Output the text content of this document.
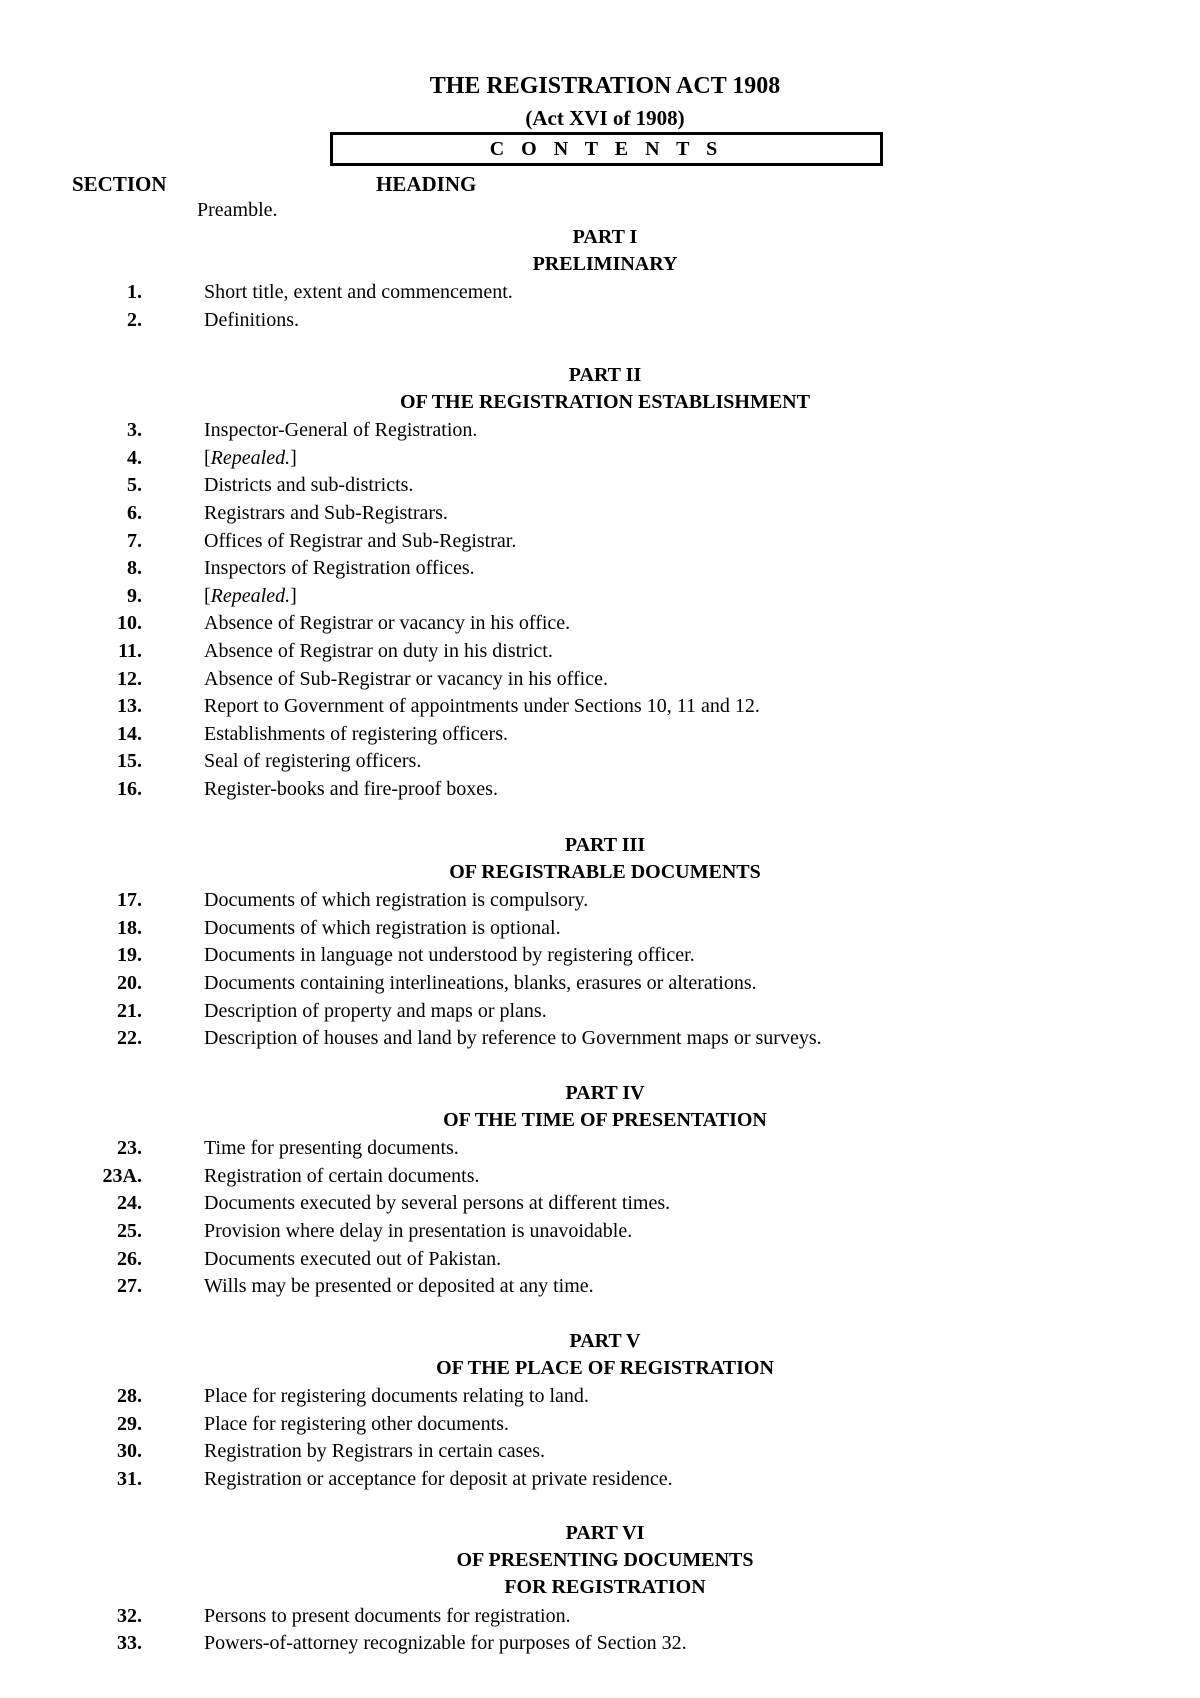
THE REGISTRATION ACT 1908
(Act XVI of 1908)
C O N T E N T S
SECTION	HEADING
Preamble.
PART I
PRELIMINARY
1.	Short title, extent and commencement.
2.	Definitions.
PART II
OF THE REGISTRATION ESTABLISHMENT
3.	Inspector-General of Registration.
4.	[Repealed.]
5.	Districts and sub-districts.
6.	Registrars and Sub-Registrars.
7.	Offices of Registrar and Sub-Registrar.
8.	Inspectors of Registration offices.
9.	[Repealed.]
10.	Absence of Registrar or vacancy in his office.
11.	Absence of Registrar on duty in his district.
12.	Absence of Sub-Registrar or vacancy in his office.
13.	Report to Government of appointments under Sections 10, 11 and 12.
14.	Establishments of registering officers.
15.	Seal of registering officers.
16.	Register-books and fire-proof boxes.
PART III
OF REGISTRABLE DOCUMENTS
17.	Documents of which registration is compulsory.
18.	Documents of which registration is optional.
19.	Documents in language not understood by registering officer.
20.	Documents containing interlineations, blanks, erasures or alterations.
21.	Description of property and maps or plans.
22.	Description of houses and land by reference to Government maps or surveys.
PART IV
OF THE TIME OF PRESENTATION
23.	Time for presenting documents.
23A.	Registration of certain documents.
24.	Documents executed by several persons at different times.
25.	Provision where delay in presentation is unavoidable.
26.	Documents executed out of Pakistan.
27.	Wills may be presented or deposited at any time.
PART V
OF THE PLACE OF REGISTRATION
28.	Place for registering documents relating to land.
29.	Place for registering other documents.
30.	Registration by Registrars in certain cases.
31.	Registration or acceptance for deposit at private residence.
PART VI
OF PRESENTING DOCUMENTS
FOR REGISTRATION
32.	Persons to present documents for registration.
33.	Powers-of-attorney recognizable for purposes of Section 32.
